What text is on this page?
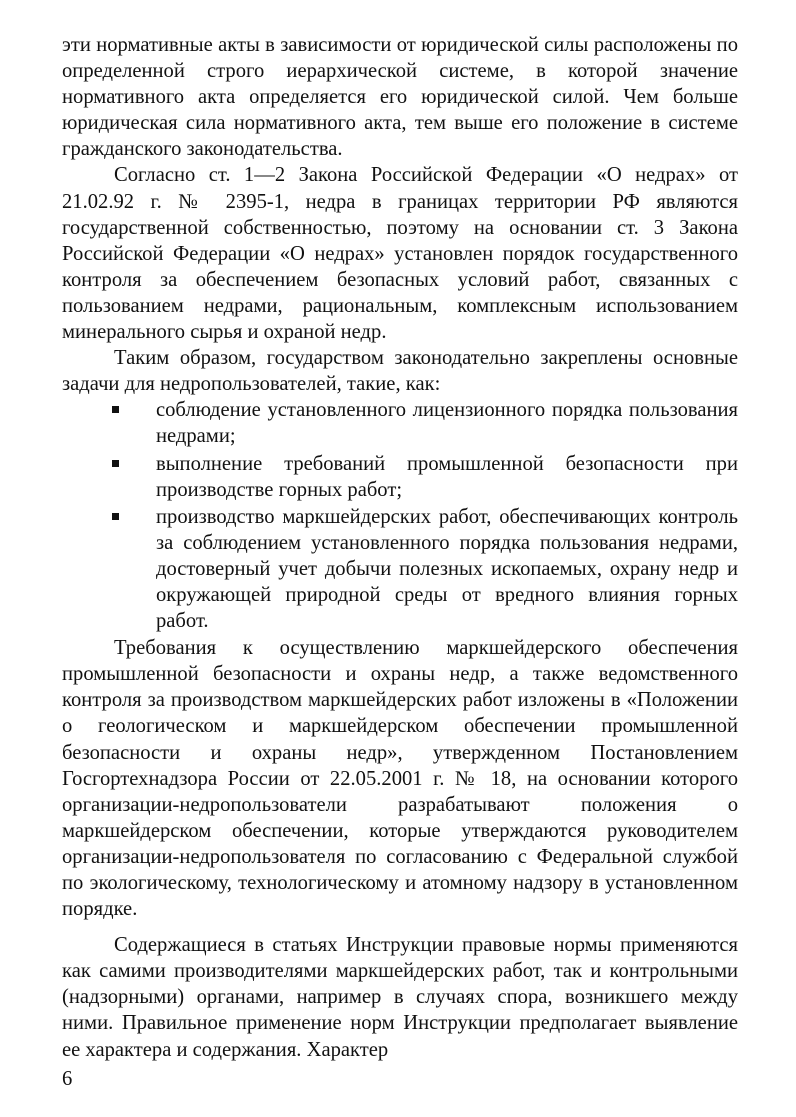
эти нормативные акты в зависимости от юридической силы расположены по определенной строго иерархической системе, в которой значение нормативного акта определяется его юридической силой. Чем больше юридическая сила нормативного акта, тем выше его положение в системе гражданского законодательства.

Согласно ст. 1—2 Закона Российской Федерации «О недрах» от 21.02.92 г. № 2395-1, недра в границах территории РФ являются государственной собственностью, поэтому на основании ст. 3 Закона Российской Федерации «О недрах» установлен порядок государственного контроля за обеспечением безопасных условий работ, связанных с пользованием недрами, рациональным, комплексным использованием минерального сырья и охраной недр.

Таким образом, государством законодательно закреплены основные задачи для недропользователей, такие, как:

соблюдение установленного лицензионного порядка пользования недрами;
выполнение требований промышленной безопасности при производстве горных работ;
производство маркшейдерских работ, обеспечивающих контроль за соблюдением установленного порядка пользования недрами, достоверный учет добычи полезных ископаемых, охрану недр и окружающей природной среды от вредного влияния горных работ.

Требования к осуществлению маркшейдерского обеспечения промышленной безопасности и охраны недр, а также ведомственного контроля за производством маркшейдерских работ изложены в «Положении о геологическом и маркшейдерском обеспечении промышленной безопасности и охраны недр», утвержденном Постановлением Госгортехнадзора России от 22.05.2001 г. № 18, на основании которого организации-недропользователи разрабатывают положения о маркшейдерском обеспечении, которые утверждаются руководителем организации-недропользователя по согласованию с Федеральной службой по экологическому, технологическому и атомному надзору в установленном порядке.

Содержащиеся в статьях Инструкции правовые нормы применяются как самими производителями маркшейдерских работ, так и контрольными (надзорными) органами, например в случаях спора, возникшего между ними. Правильное применение норм Инструкции предполагает выявление ее характера и содержания. Характер

6
